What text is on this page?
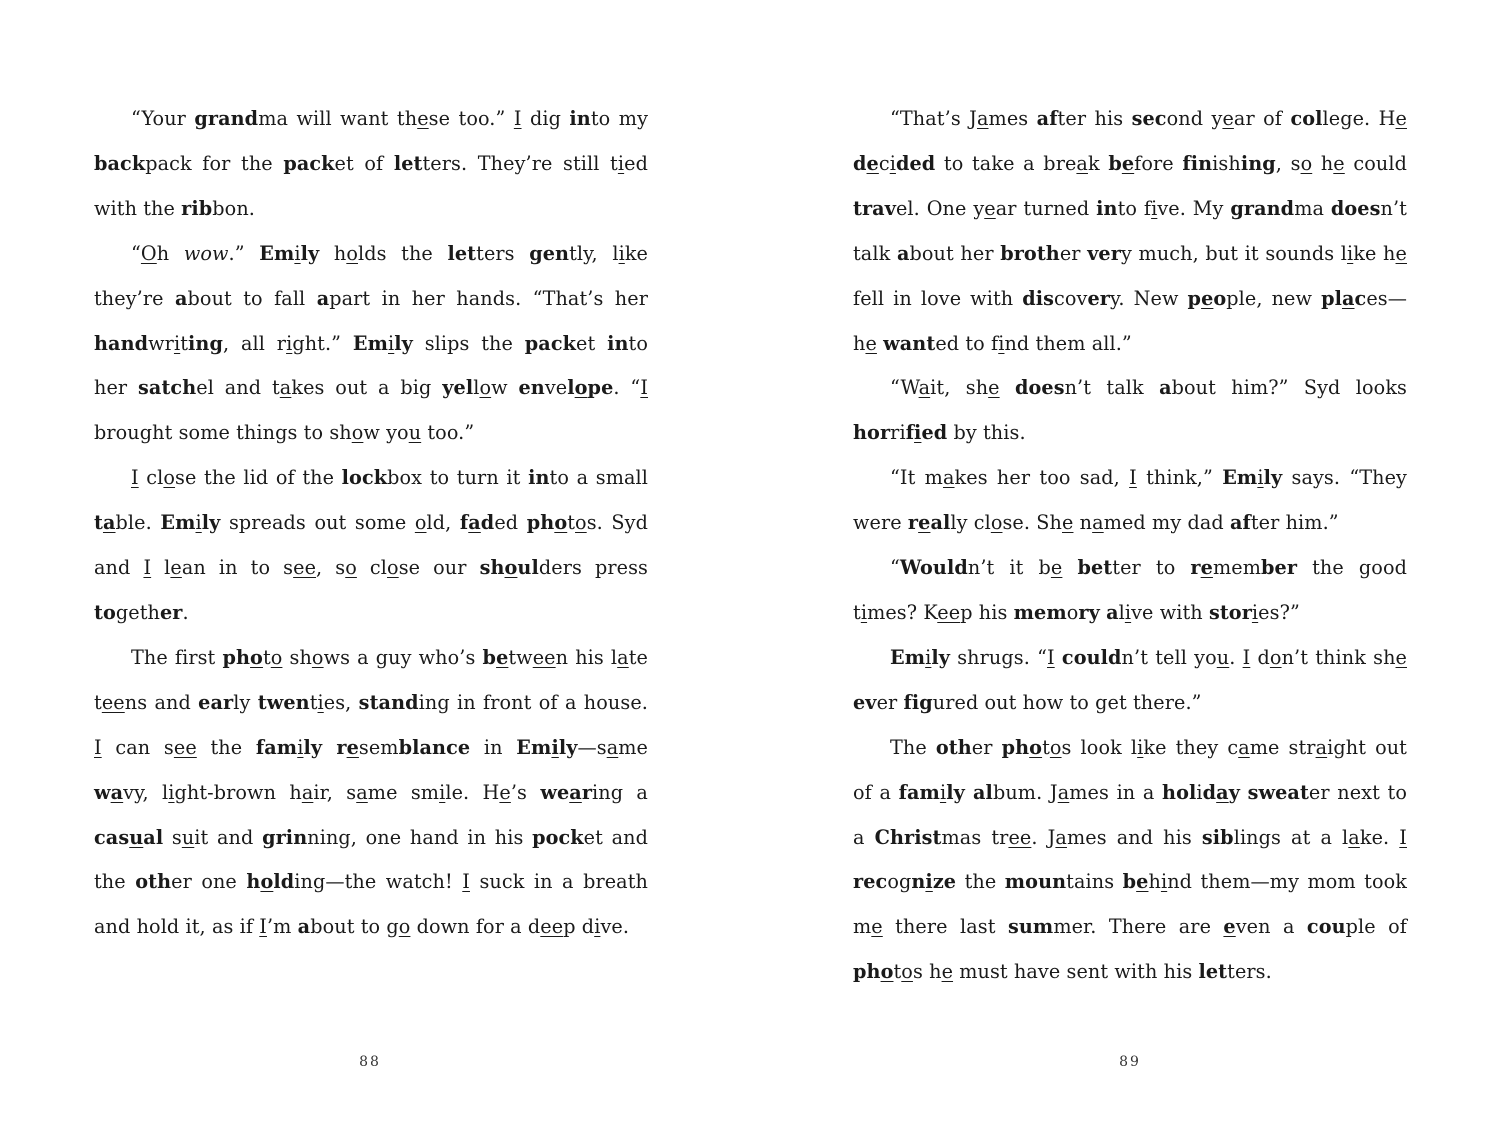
“Your grandma will want these too.” I dig into my backpack for the packet of letters. They’re still tied with the ribbon.

“Oh wow.” Emily holds the letters gently, like they’re about to fall apart in her hands. “That’s her handwriting, all right.” Emily slips the packet into her satchel and takes out a big yellow envelope. “I brought some things to show you too.”

I close the lid of the lockbox to turn it into a small table. Emily spreads out some old, faded photos. Syd and I lean in to see, so close our shoulders press together.

The first photo shows a guy who’s between his late teens and early twenties, standing in front of a house. I can see the family resemblance in Emily—same wavy, light-brown hair, same smile. He’s wearing a casual suit and grinning, one hand in his pocket and the other one holding—the watch! I suck in a breath and hold it, as if I’m about to go down for a deep dive.

“That’s James after his second year of college. He decided to take a break before finishing, so he could travel. One year turned into five. My grandma doesn’t talk about her brother very much, but it sounds like he fell in love with discovery. New people, new places—he wanted to find them all.”

“Wait, she doesn’t talk about him?” Syd looks horrified by this.

“It makes her too sad, I think,” Emily says. “They were really close. She named my dad after him.”

“Wouldn’t it be better to remember the good times? Keep his memory alive with stories?”

Emily shrugs. “I couldn’t tell you. I don’t think she ever figured out how to get there.”

The other photos look like they came straight out of a family album. James in a holiday sweater next to a Christmas tree. James and his siblings at a lake. I recognize the mountains behind them—my mom took me there last summer. There are even a couple of photos he must have sent with his letters.

88	89
